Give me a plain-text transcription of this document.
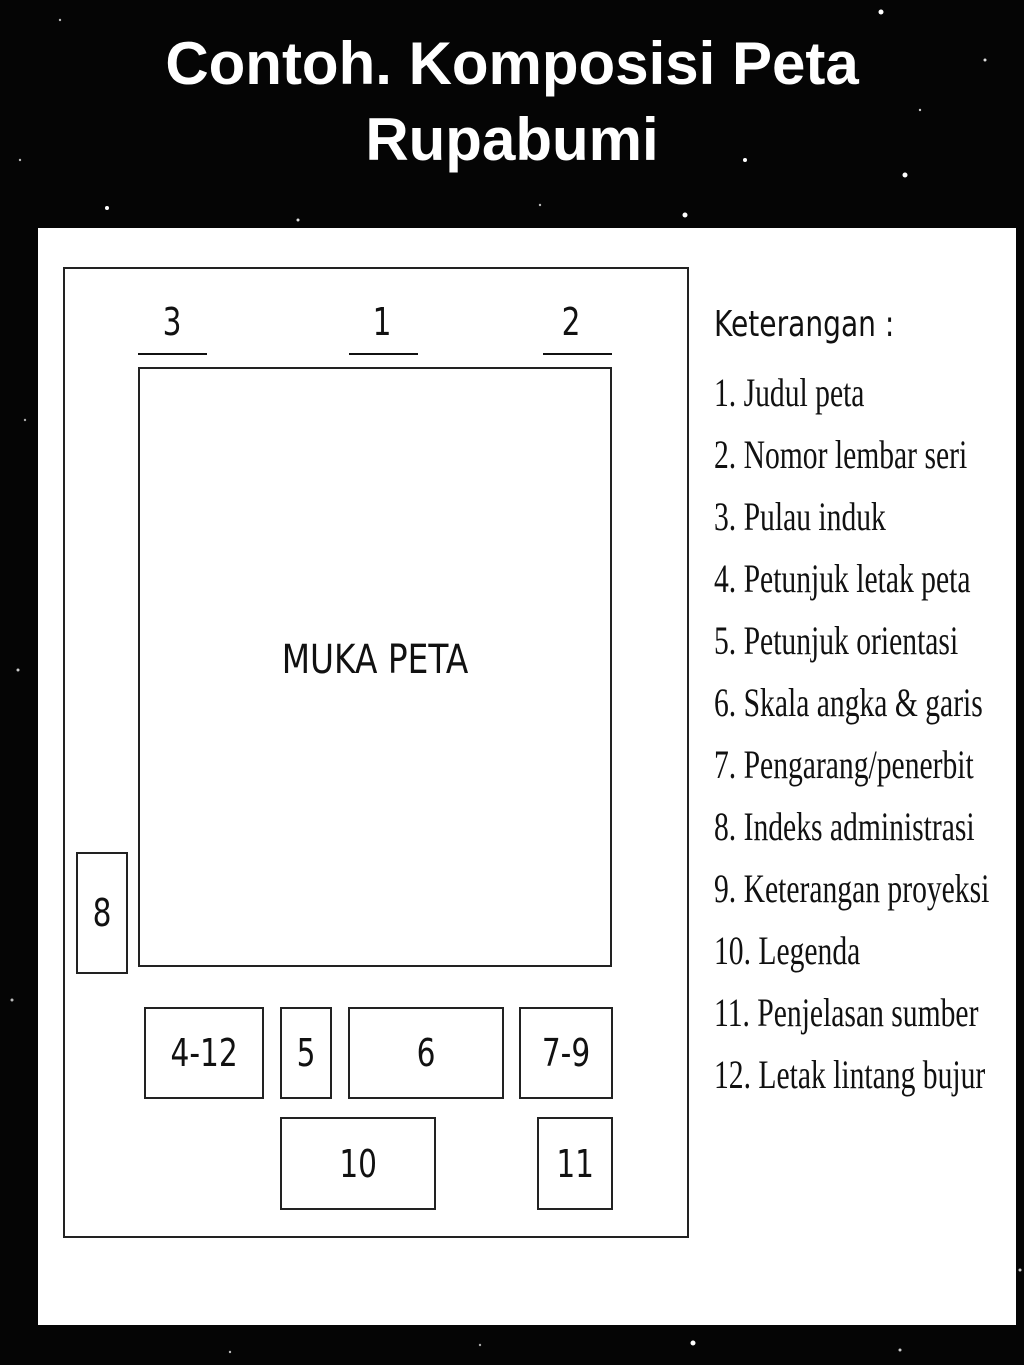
Contoh. Komposisi Peta
Rupabumi
3	1	2
MUKA PETA
8
4-12 5	6	7-9
10	11
Keterangan :
1. Judul peta
2. Nomor lembar seri
3. Pulau induk
4. Petunjuk letak peta
5. Petunjuk orientasi
6. Skala angka & garis
7. Pengarang/penerbit
8. Indeks administrasi
9. Keterangan proyeksi
10. Legenda
11. Penjelasan sumber
12. Letak lintang bujur
